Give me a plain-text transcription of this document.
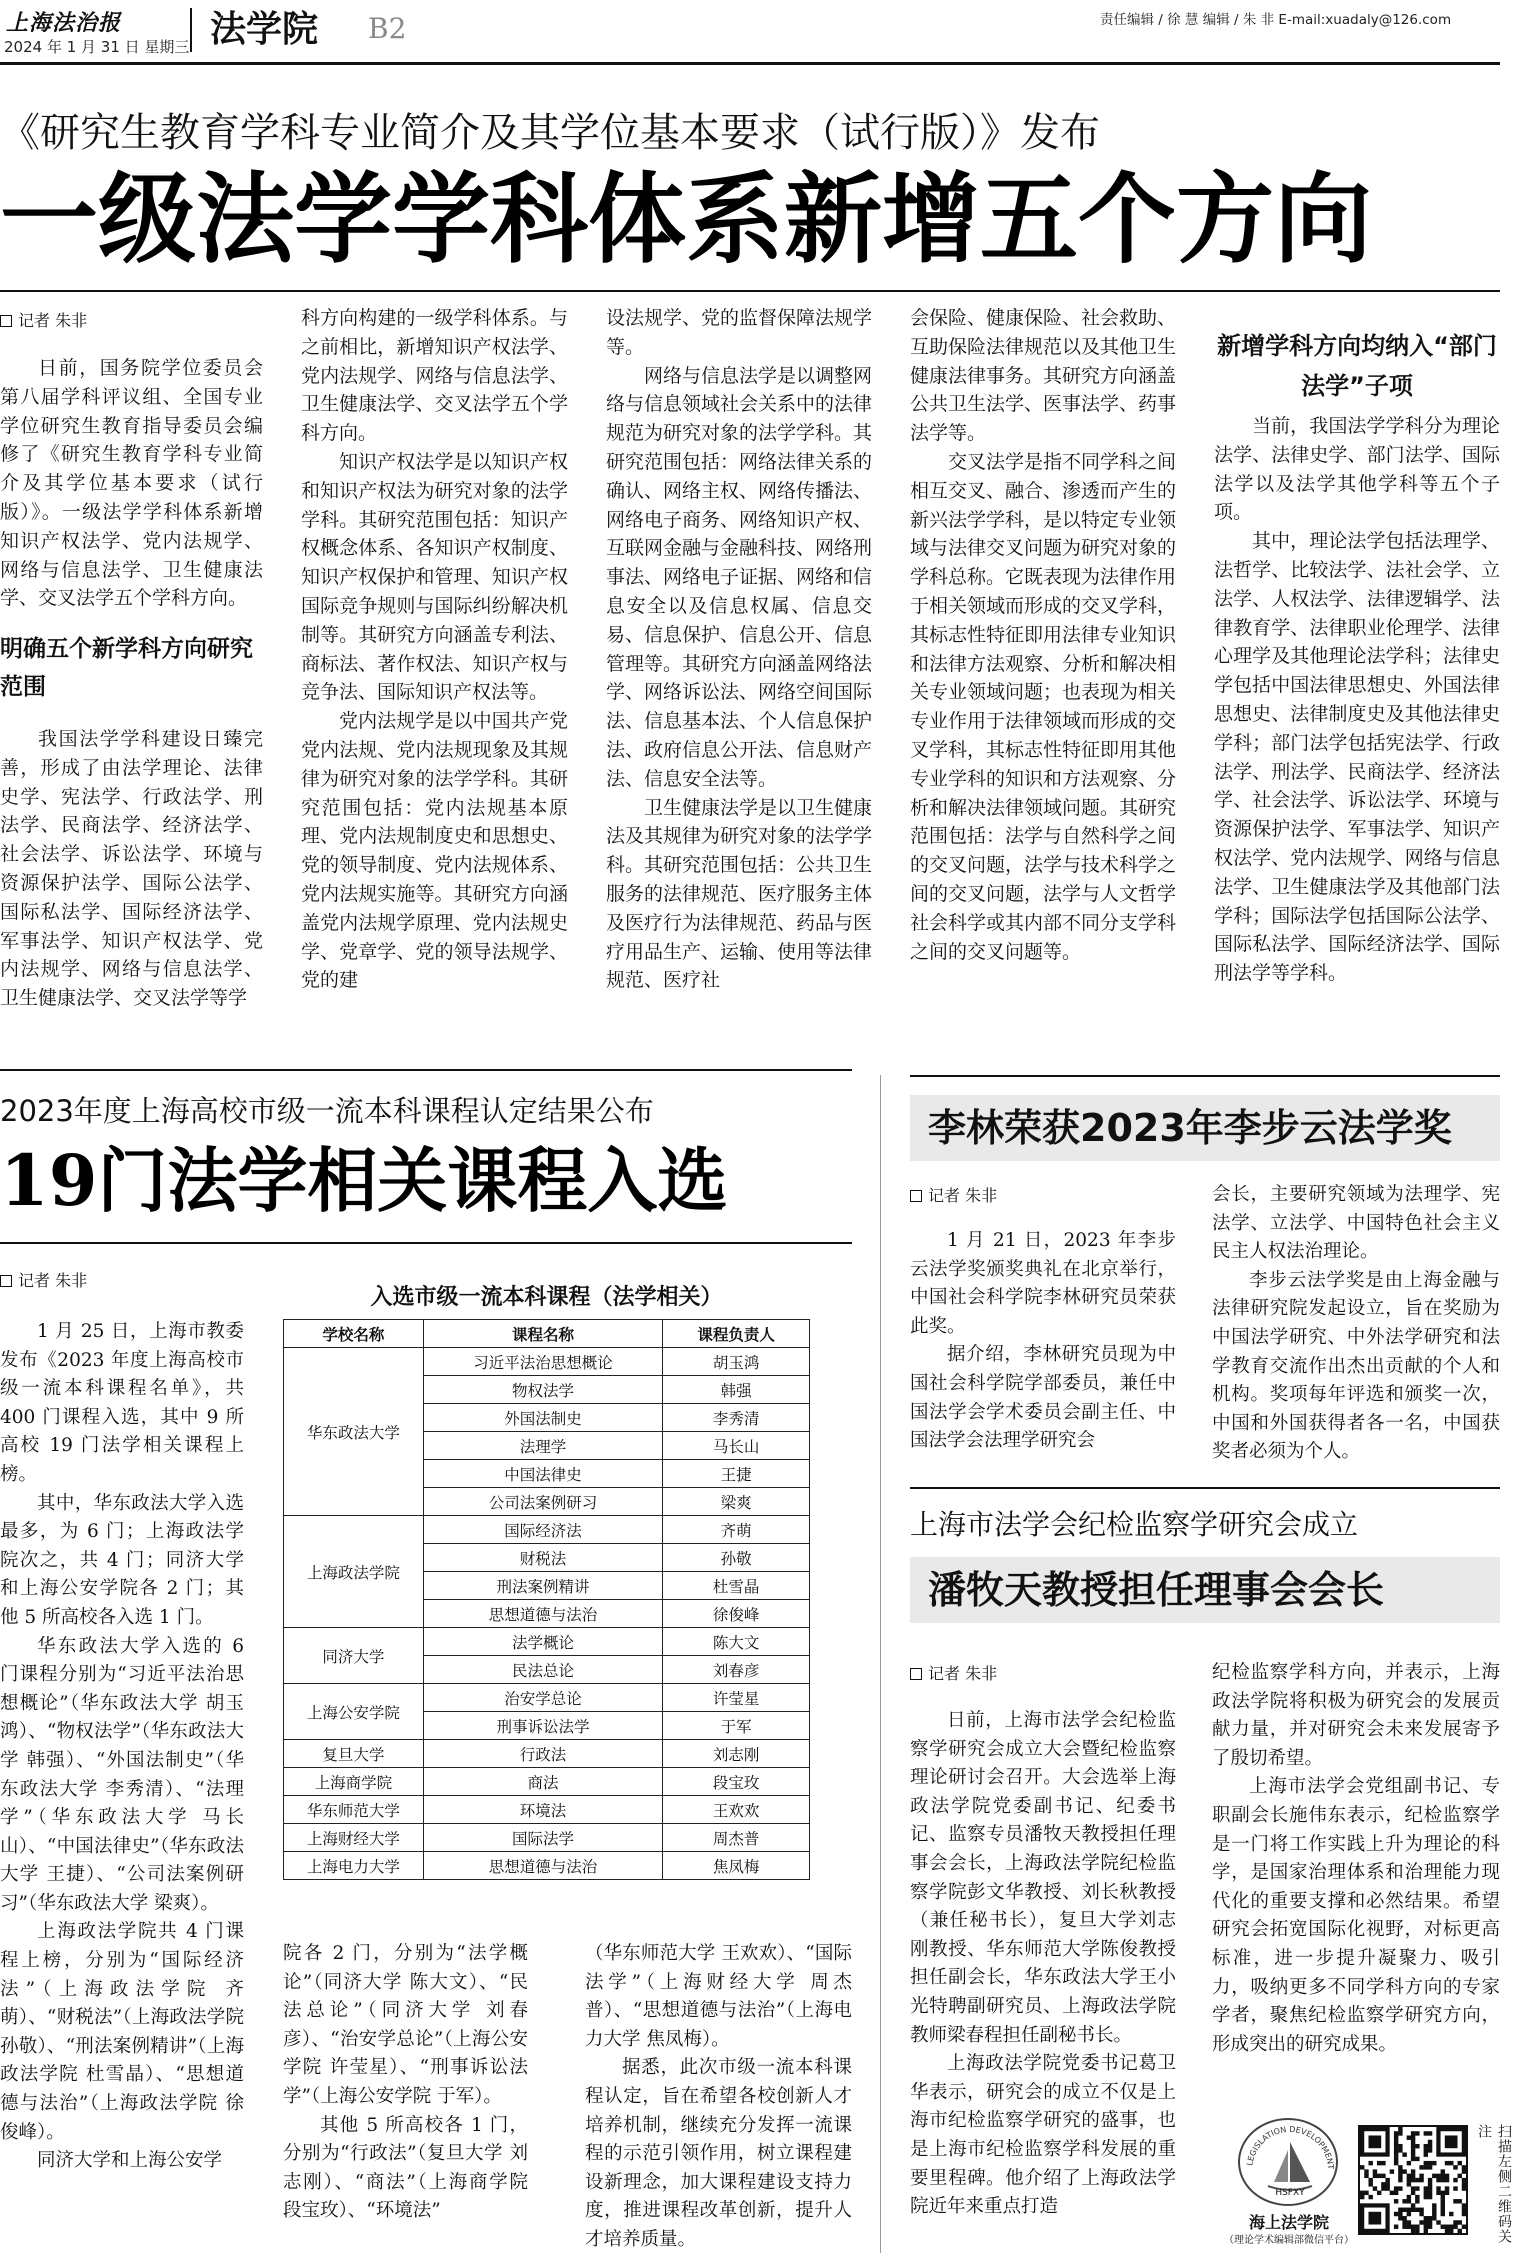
上海法治报
2024 年 1 月 31 日 星期三 法学院 B2	责任编辑 / 徐 慧 编辑 / 朱 非 E-mail:xuadaly@126.com
《研究生教育学科专业简介及其学位基本要求（试行版）》发布
一级法学学科体系新增五个方向
记者 朱非

日前，国务院学位委员会第八届学科评议组、全国专业学位研究生教育指导委员会编修了《研究生教育学科专业简介及其学位基本要求（试行版）》。一级法学学科体系新增知识产权法学、党内法规学、网络与信息法学、卫生健康法学、交叉法学五个学科方向。

明确五个新学科方向研究范围

我国法学学科建设日臻完善，形成了由法学理论、法律史学、宪法学、行政法学、刑法学、民商法学、经济法学、社会法学、诉讼法学、环境与资源保护法学、国际公法学、国际私法学、国际经济法学、军事法学、知识产权法学、党内法规学、网络与信息法学、卫生健康法学、交叉法学等学

科方向构建的一级学科体系。与之前相比，新增知识产权法学、党内法规学、网络与信息法学、卫生健康法学、交叉法学五个学科方向。

知识产权法学是以知识产权和知识产权法为研究对象的法学学科。其研究范围包括：知识产权概念体系、各知识产权制度、知识产权保护和管理、知识产权国际竞争规则与国际纠纷解决机制等。其研究方向涵盖专利法、商标法、著作权法、知识产权与竞争法、国际知识产权法等。

党内法规学是以中国共产党党内法规、党内法规现象及其规律为研究对象的法学学科。其研究范围包括：党内法规基本原理、党内法规制度史和思想史、党的领导制度、党内法规体系、党内法规实施等。其研究方向涵盖党内法规学原理、党内法规史学、党章学、党的领导法规学、党的建

设法规学、党的监督保障法规学等。

网络与信息法学是以调整网络与信息领域社会关系中的法律规范为研究对象的法学学科。其研究范围包括：网络法律关系的确认、网络主权、网络传播法、网络电子商务、网络知识产权、互联网金融与金融科技、网络刑事法、网络电子证据、网络和信息安全以及信息权属、信息交易、信息保护、信息公开、信息管理等。其研究方向涵盖网络法学、网络诉讼法、网络空间国际法、信息基本法、个人信息保护法、政府信息公开法、信息财产法、信息安全法等。

卫生健康法学是以卫生健康法及其规律为研究对象的法学学科。其研究范围包括：公共卫生服务的法律规范、医疗服务主体及医疗行为法律规范、药品与医疗用品生产、运输、使用等法律规范、医疗社

会保险、健康保险、社会救助、互助保险法律规范以及其他卫生健康法律事务。其研究方向涵盖公共卫生法学、医事法学、药事法学等。

交叉法学是指不同学科之间相互交叉、融合、渗透而产生的新兴法学学科，是以特定专业领域与法律交叉问题为研究对象的学科总称。它既表现为法律作用于相关领域而形成的交叉学科，其标志性特征即用法律专业知识和法律方法观察、分析和解决相关专业领域问题；也表现为相关专业作用于法律领域而形成的交叉学科，其标志性特征即用其他专业学科的知识和方法观察、分析和解决法律领域问题。其研究范围包括：法学与自然科学之间的交叉问题，法学与技术科学之间的交叉问题，法学与人文哲学社会科学或其内部不同分支学科之间的交叉问题等。

新增学科方向均纳入“部门法学”子项

当前，我国法学学科分为理论法学、法律史学、部门法学、国际法学以及法学其他学科等五个子项。

其中，理论法学包括法理学、法哲学、比较法学、法社会学、立法学、人权法学、法律逻辑学、法律教育学、法律职业伦理学、法律心理学及其他理论法学科；法律史学包括中国法律思想史、外国法律思想史、法律制度史及其他法律史学科；部门法学包括宪法学、行政法学、刑法学、民商法学、经济法学、社会法学、诉讼法学、环境与资源保护法学、军事法学、知识产权法学、党内法规学、网络与信息法学、卫生健康法学及其他部门法学科；国际法学包括国际公法学、国际私法学、国际经济法学、国际刑法学等学科。

2023年度上海高校市级一流本科课程认定结果公布
19门法学相关课程入选
记者 朱非

1 月 25 日，上海市教委发布《2023 年度上海高校市级一流本科课程名单》，共 400 门课程入选，其中 9 所高校 19 门法学相关课程上榜。

其中，华东政法大学入选最多，为 6 门；上海政法学院次之，共 4 门；同济大学和上海公安学院各 2 门；其他 5 所高校各入选 1 门。

华东政法大学入选的 6 门课程分别为“习近平法治思想概论”（华东政法大学 胡玉鸿）、“物权法学”（华东政法大学 韩强）、“外国法制史”（华东政法大学 李秀清）、“法理学”（华东政法大学 马长山）、“中国法律史”（华东政法大学 王捷）、“公司法案例研习”（华东政法大学 梁爽）。

上海政法学院共 4 门课程上榜，分别为“国际经济法”（上海政法学院 齐萌）、“财税法”（上海政法学院 孙敬）、“刑法案例精讲”（上海政法学院 杜雪晶）、“思想道德与法治”（上海政法学院 徐俊峰）。

同济大学和上海公安学

入选市级一流本科课程（法学相关）
学校名称	课程名称	课程负责人
华东政法大学	习近平法治思想概论	胡玉鸿
	物权法学	韩强
	外国法制史	李秀清
	法理学	马长山
	中国法律史	王捷
	公司法案例研习	梁爽
上海政法学院	国际经济法	齐萌
	财税法	孙敬
	刑法案例精讲	杜雪晶
	思想道德与法治	徐俊峰
同济大学	法学概论	陈大文
	民法总论	刘春彦
上海公安学院	治安学总论	许莹星
	刑事诉讼法学	于军
复旦大学	行政法	刘志刚
上海商学院	商法	段宝玫
华东师范大学	环境法	王欢欢
上海财经大学	国际法学	周杰普
上海电力大学	思想道德与法治	焦凤梅

院各 2 门，分别为“法学概论”（同济大学 陈大文）、“民法总论”（同济大学 刘春彦）、“治安学总论”（上海公安学院 许莹星）、“刑事诉讼法学”（上海公安学院 于军）。

其他 5 所高校各 1 门，分别为“行政法”（复旦大学 刘志刚）、“商法”（上海商学院 段宝玫）、“环境法”

（华东师范大学 王欢欢）、“国际法学”（上海财经大学 周杰普）、“思想道德与法治”（上海电力大学 焦凤梅）。

据悉，此次市级一流本科课程认定，旨在希望各校创新人才培养机制，继续充分发挥一流课程的示范引领作用，树立课程建设新理念，加大课程建设支持力度，推进课程改革创新，提升人才培养质量。

李林荣获2023年李步云法学奖
记者 朱非

1 月 21 日，2023 年李步云法学奖颁奖典礼在北京举行，中国社会科学院李林研究员荣获此奖。

据介绍，李林研究员现为中国社会科学院学部委员，兼任中国法学会学术委员会副主任、中国法学会法理学研究会

会长，主要研究领域为法理学、宪法学、立法学、中国特色社会主义民主人权法治理论。

李步云法学奖是由上海金融与法律研究院发起设立，旨在奖励为中国法学研究、中外法学研究和法学教育交流作出杰出贡献的个人和机构。奖项每年评选和颁奖一次，中国和外国获得者各一名，中国获奖者必须为个人。

上海市法学会纪检监察学研究会成立
潘牧天教授担任理事会会长
记者 朱非

日前，上海市法学会纪检监察学研究会成立大会暨纪检监察理论研讨会召开。大会选举上海政法学院党委副书记、纪委书记、监察专员潘牧天教授担任理事会会长，上海政法学院纪检监察学院彭文华教授、刘长秋教授（兼任秘书长），复旦大学刘志刚教授、华东师范大学陈俊教授担任副会长，华东政法大学王小光特聘副研究员、上海政法学院教师梁春程担任副秘书长。

上海政法学院党委书记葛卫华表示，研究会的成立不仅是上海市纪检监察学研究的盛事，也是上海市纪检监察学科发展的重要里程碑。他介绍了上海政法学院近年来重点打造

纪检监察学科方向，并表示，上海政法学院将积极为研究会的发展贡献力量，并对研究会未来发展寄予了殷切希望。

上海市法学会党组副书记、专职副会长施伟东表示，纪检监察学是一门将工作实践上升为理论的科学，是国家治理体系和治理能力现代化的重要支撑和必然结果。希望研究会拓宽国际化视野，对标更高标准，进一步提升凝聚力、吸引力，吸纳更多不同学科方向的专家学者，聚焦纪检监察学研究方向，形成突出的研究成果。

LEGISLATION DEVELOPMENT
HSFXY
海上法学院
（理论学术编辑部微信平台）	扫描左侧二维码关注
